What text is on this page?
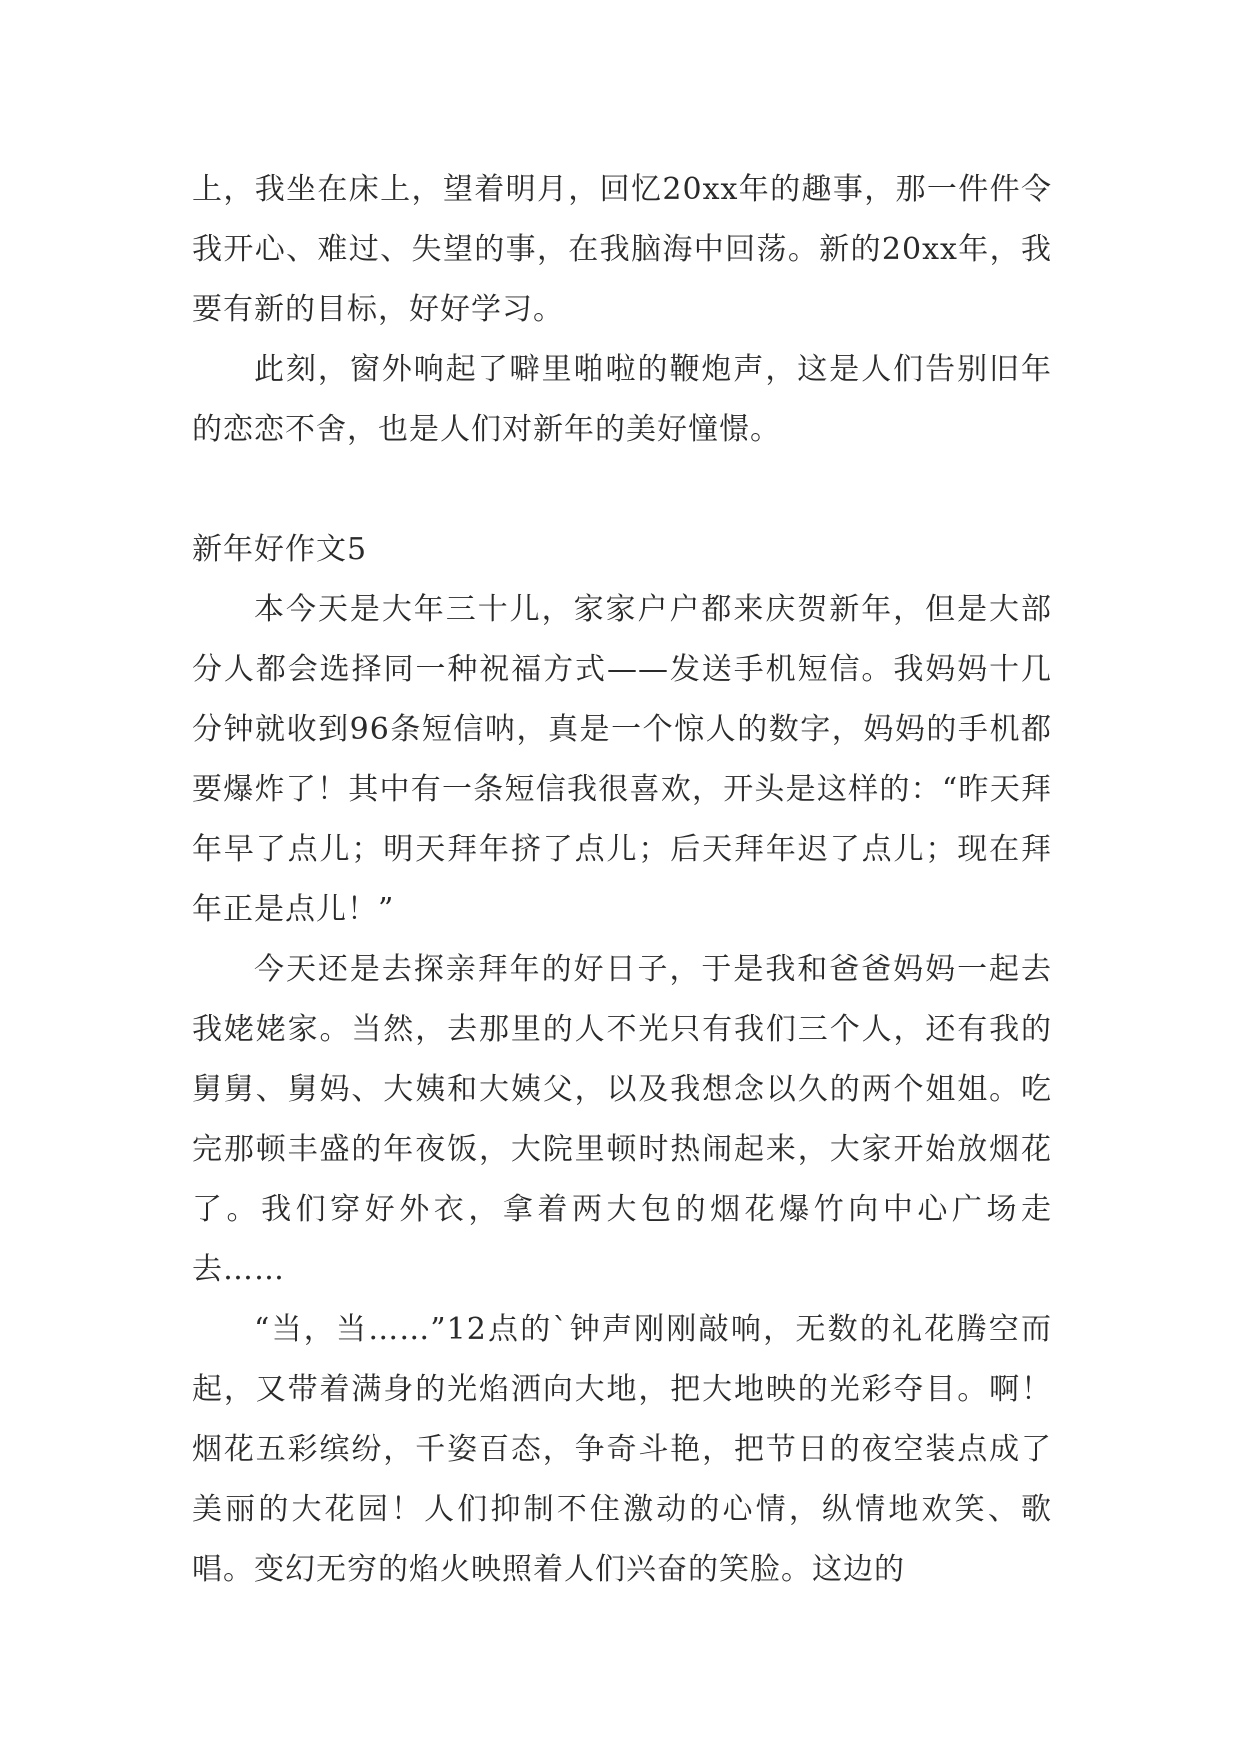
上，我坐在床上，望着明月，回忆20xx年的趣事，那一件件令我开心、难过、失望的事，在我脑海中回荡。新的20xx年，我要有新的目标，好好学习。

此刻，窗外响起了噼里啪啦的鞭炮声，这是人们告别旧年的恋恋不舍，也是人们对新年的美好憧憬。

新年好作文5

本今天是大年三十儿，家家户户都来庆贺新年，但是大部分人都会选择同一种祝福方式——发送手机短信。我妈妈十几分钟就收到96条短信呐，真是一个惊人的数字，妈妈的手机都要爆炸了！其中有一条短信我很喜欢，开头是这样的：“昨天拜年早了点儿；明天拜年挤了点儿；后天拜年迟了点儿；现在拜年正是点儿！”

今天还是去探亲拜年的好日子，于是我和爸爸妈妈一起去我姥姥家。当然，去那里的人不光只有我们三个人，还有我的舅舅、舅妈、大姨和大姨父，以及我想念以久的两个姐姐。吃完那顿丰盛的年夜饭，大院里顿时热闹起来，大家开始放烟花了。我们穿好外衣，拿着两大包的烟花爆竹向中心广场走去……

“当，当……”12点的`钟声刚刚敲响，无数的礼花腾空而起，又带着满身的光焰洒向大地，把大地映的光彩夺目。啊！烟花五彩缤纷，千姿百态，争奇斗艳，把节日的夜空装点成了美丽的大花园！人们抑制不住激动的心情，纵情地欢笑、歌唱。变幻无穷的焰火映照着人们兴奋的笑脸。这边的
